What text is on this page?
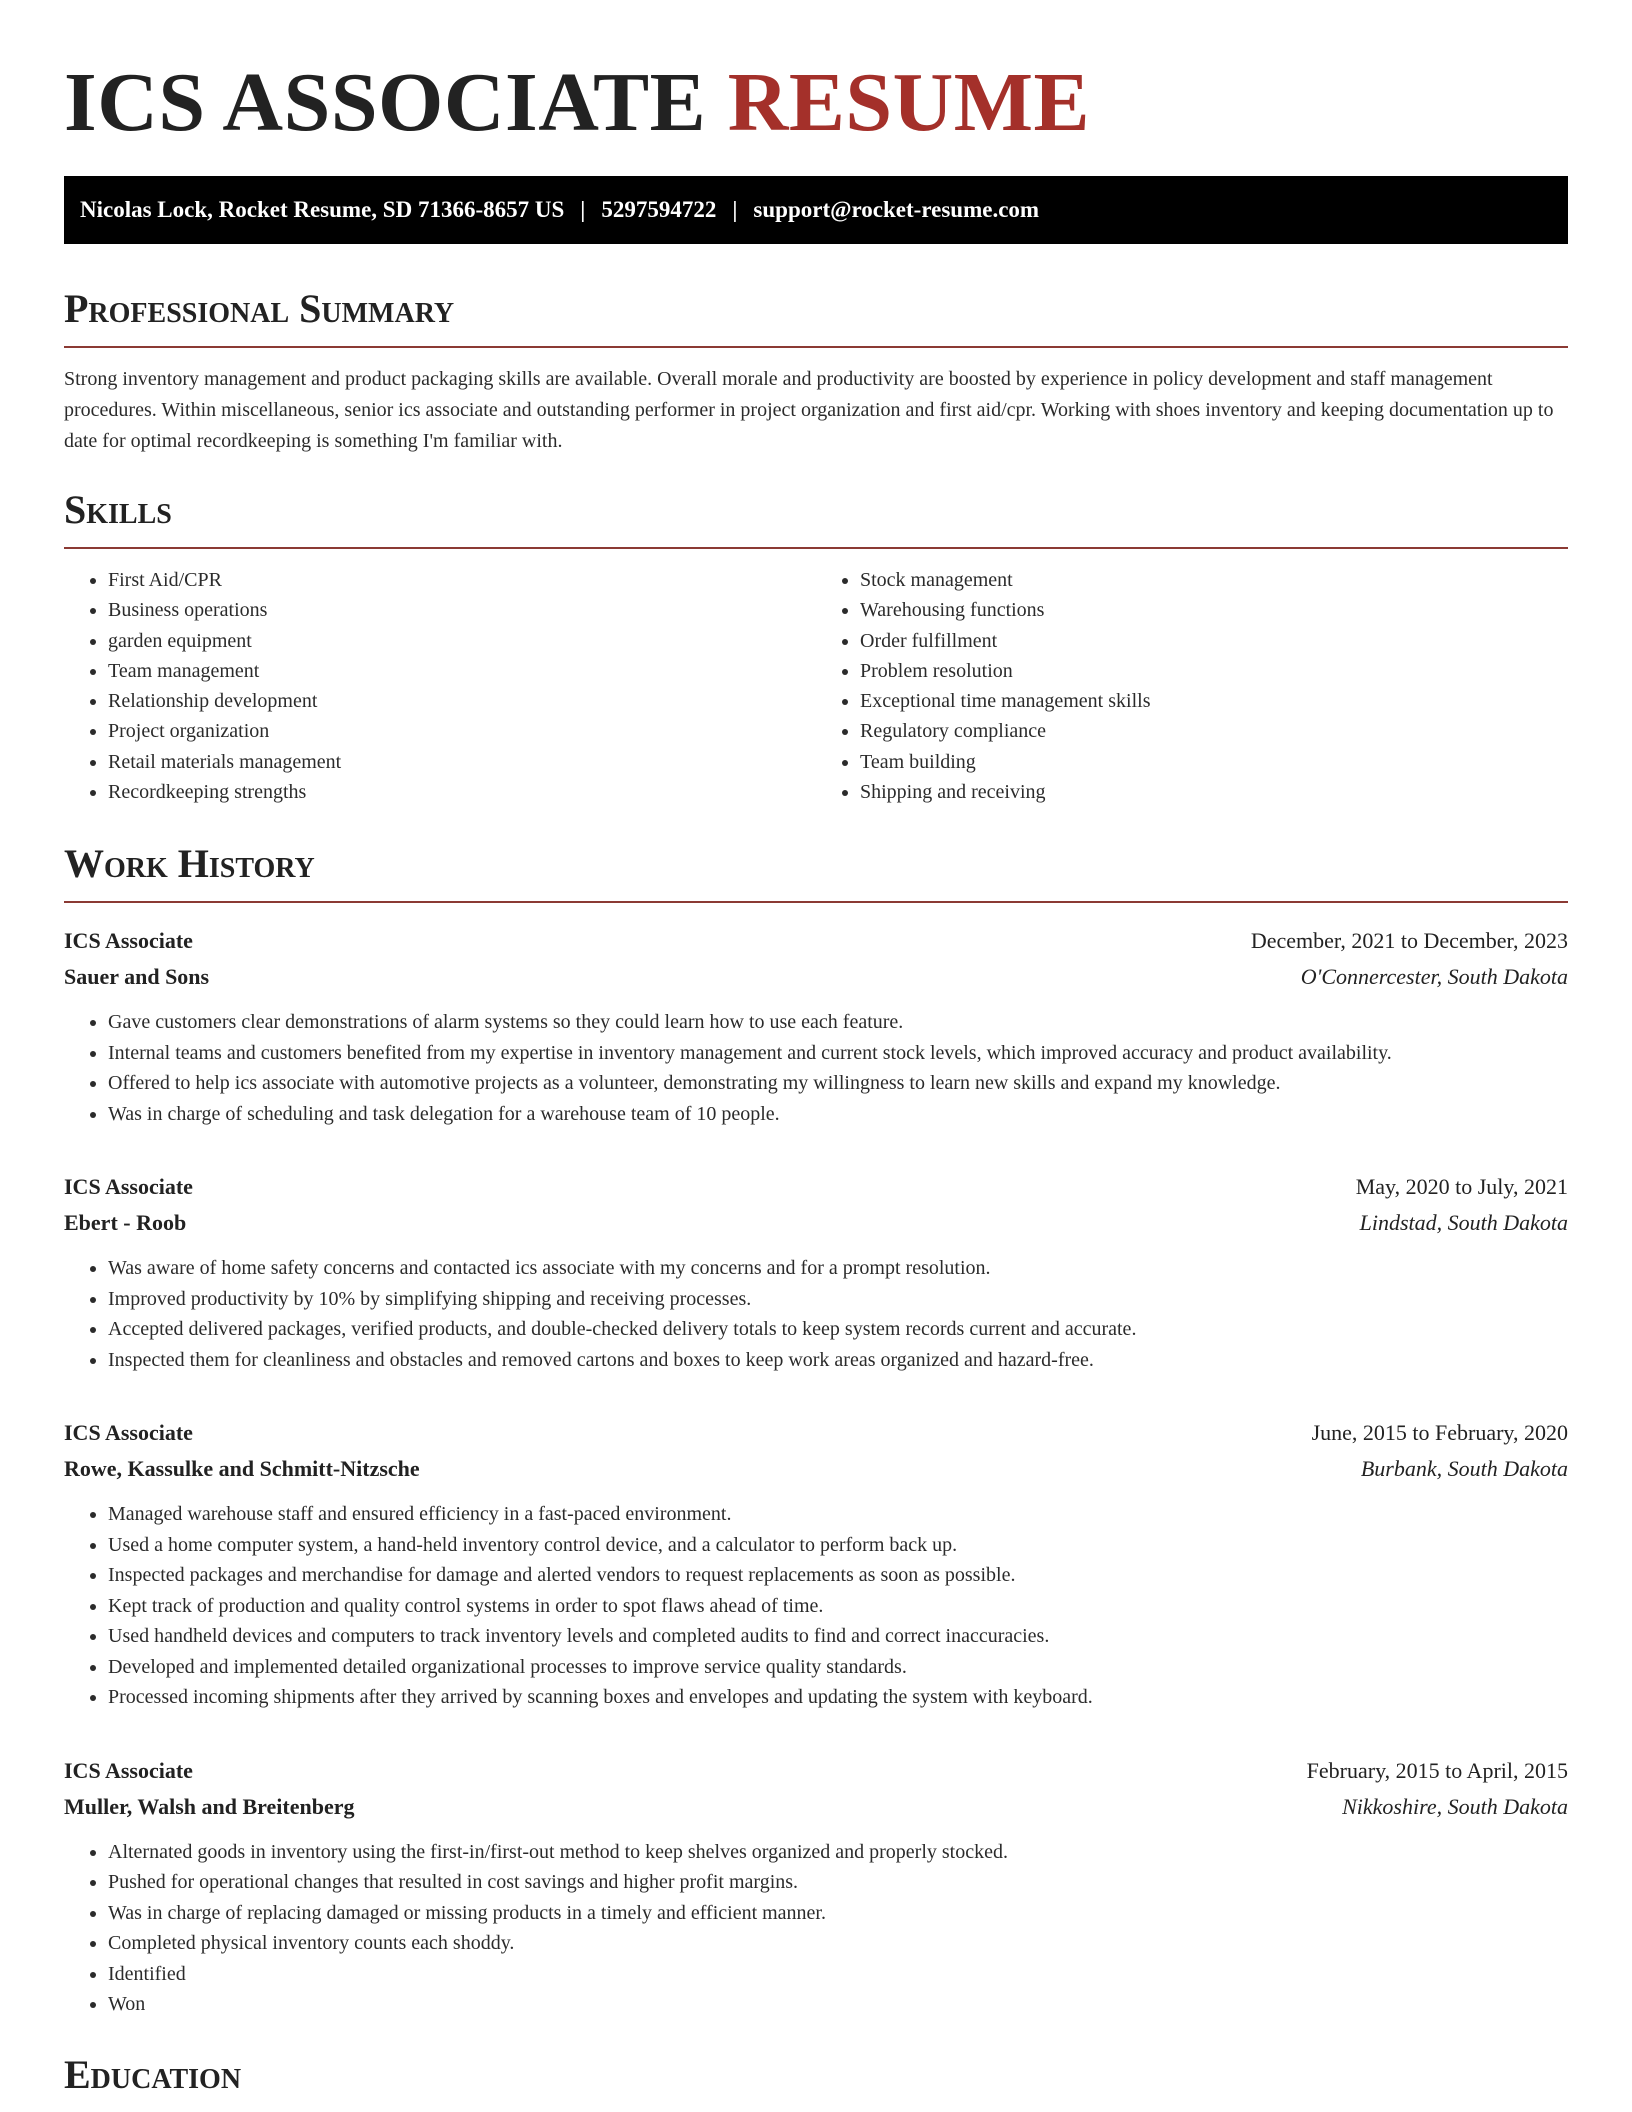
ICS ASSOCIATE RESUME
Nicolas Lock, Rocket Resume, SD 71366-8657 US | 5297594722 | support@rocket-resume.com
Professional Summary

Strong inventory management and product packaging skills are available. Overall morale and productivity are boosted by experience in policy development and staff management procedures. Within miscellaneous, senior ics associate and outstanding performer in project organization and first aid/cpr. Working with shoes inventory and keeping documentation up to date for optimal recordkeeping is something I'm familiar with.

Skills
• First Aid/CPR
• Business operations
• garden equipment
• Team management
• Relationship development
• Project organization
• Retail materials management
• Recordkeeping strengths
• Stock management
• Warehousing functions
• Order fulfillment
• Problem resolution
• Exceptional time management skills
• Regulatory compliance
• Team building
• Shipping and receiving
Work History
ICS Associate	December, 2021 to December, 2023
Sauer and Sons	O'Connercester, South Dakota
• Gave customers clear demonstrations of alarm systems so they could learn how to use each feature.
• Internal teams and customers benefited from my expertise in inventory management and current stock levels, which improved accuracy and product availability.
• Offered to help ics associate with automotive projects as a volunteer, demonstrating my willingness to learn new skills and expand my knowledge.
• Was in charge of scheduling and task delegation for a warehouse team of 10 people.
ICS Associate	May, 2020 to July, 2021
Ebert - Roob	Lindstad, South Dakota
• Was aware of home safety concerns and contacted ics associate with my concerns and for a prompt resolution.
• Improved productivity by 10% by simplifying shipping and receiving processes.
• Accepted delivered packages, verified products, and double-checked delivery totals to keep system records current and accurate.
• Inspected them for cleanliness and obstacles and removed cartons and boxes to keep work areas organized and hazard-free.
ICS Associate	June, 2015 to February, 2020
Rowe, Kassulke and Schmitt-Nitzsche	Burbank, South Dakota
• Managed warehouse staff and ensured efficiency in a fast-paced environment.
• Used a home computer system, a hand-held inventory control device, and a calculator to perform back up.
• Inspected packages and merchandise for damage and alerted vendors to request replacements as soon as possible.
• Kept track of production and quality control systems in order to spot flaws ahead of time.
• Used handheld devices and computers to track inventory levels and completed audits to find and correct inaccuracies.
• Developed and implemented detailed organizational processes to improve service quality standards.
• Processed incoming shipments after they arrived by scanning boxes and envelopes and updating the system with keyboard.
ICS Associate	February, 2015 to April, 2015
Muller, Walsh and Breitenberg	Nikkoshire, South Dakota
• Alternated goods in inventory using the first-in/first-out method to keep shelves organized and properly stocked.
• Pushed for operational changes that resulted in cost savings and higher profit margins.
• Was in charge of replacing damaged or missing products in a timely and efficient manner.
• Completed physical inventory counts each shoddy.
• Identified
• Won
Education
